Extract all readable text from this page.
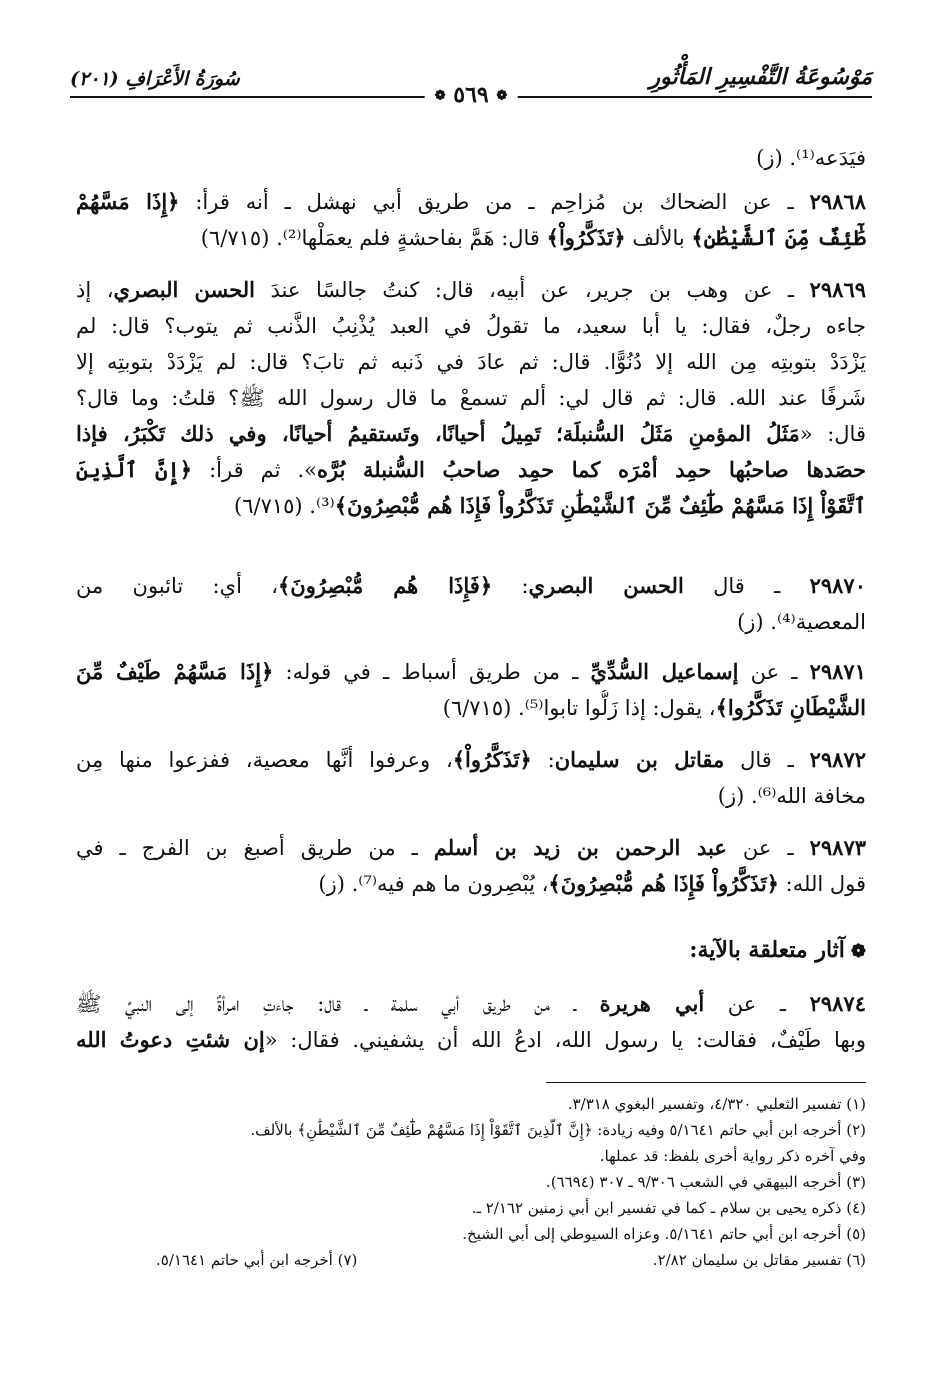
مَوْسُوعَةُ التَّفْسِيرِ المَأْثُورِ
سُورَةُ الأَعْرَافِ (٢٠١)
❁ ٥٦٩ ❁
فيَدَعه⁽¹⁾. (ز)
٢٩٨٦٨ ـ عن الضحاك بن مُزاحِم ـ من طريق أبي نهشل ـ أنه قرأ: ﴿إِذَا مَسَّهُمْ
طَٰٓئِفٌ مِّنَ ٱلشَّيْطَٰنِ﴾ بالألف ﴿تَذَكَّرُواْ﴾ قال: هَمَّ بفاحشةٍ فلم يعمَلْها⁽²⁾. (٦/٧١٥)
٢٩٨٦٩ ـ عن وهب بن جرير، عن أبيه، قال: كنتُ جالسًا عندَ الحسن البصري، إذ
جاءه رجلٌ، فقال: يا أبا سعيد، ما تقولُ في العبد يُذْنِبُ الذَّنب ثم يتوب؟ قال: لم
يَزْدَدْ بتوبتِه مِن الله إلا دُنُوًّا. قال: ثم عادَ في ذَنبه ثم تابَ؟ قال: لم يَزْدَدْ بتوبتِه إلا
شَرفًا عند الله. قال: ثم قال لي: ألم تسمعْ ما قال رسول الله ﷺ؟ قلتُ: وما قال؟
قال: «مَثَلُ المؤمنِ مَثَلُ السُّنبلَة؛ تَمِيلُ أحيانًا، وتَستقيمُ أحيانًا، وفي ذلك تَكْبَرُ، فإذا
حصَدها صاحبُها حمِد أمْرَه كما حمِد صاحبُ السُّنبلة بُرَّه». ثم قرأ: ﴿إِنَّ ٱلَّذِينَ
ٱتَّقَوْاْ إِذَا مَسَّهُمْ طَٰٓئِفٌ مِّنَ ٱلشَّيْطَٰنِ تَذَكَّرُواْ فَإِذَا هُم مُّبْصِرُونَ﴾⁽³⁾. (٦/٧١٥)
٢٩٨٧٠ ـ قال الحسن البصري: ﴿فَإِذَا هُم مُّبْصِرُونَ﴾، أي: تائبون من
المعصية⁽⁴⁾. (ز)
٢٩٨٧١ ـ عن إسماعيل السُّدِّيِّ ـ من طريق أسباط ـ في قوله: ﴿إِذَا مَسَّهُمْ طَيْفٌ مِّنَ
الشَّيْطَانِ تَذَكَّرُوا﴾، يقول: إذا زَلُّوا تابوا⁽⁵⁾. (٦/٧١٥)
٢٩٨٧٢ ـ قال مقاتل بن سليمان: ﴿تَذَكَّرُواْ﴾، وعرفوا أنَّها معصية، ففزعوا منها مِن
مخافة الله⁽⁶⁾. (ز)
٢٩٨٧٣ ـ عن عبد الرحمن بن زيد بن أسلم ـ من طريق أصبغ بن الفرج ـ في
قول الله: ﴿تَذَكَّرُواْ فَإِذَا هُم مُّبْصِرُونَ﴾، يُبْصِرون ما هم فيه⁽⁷⁾. (ز)
❁آثار متعلقة بالآية:
٢٩٨٧٤ ـ عن أبي هريرة ـ من طريق أبي سلمة ـ قال: جاءتِ امرأةٌ إلى النبيِّ ﷺ
وبها طَيْفٌ، فقالت: يا رسول الله، ادعُ الله أن يشفيني. فقال: «إن شئتِ دعوتُ الله
(١) تفسير الثعلبي ٤/٣٢٠، وتفسير البغوي ٣/٣١٨.
(٢) أخرجه ابن أبي حاتم ٥/١٦٤١ وفيه زيادة: ﴿إِنَّ ٱلَّذِينَ ٱتَّقَوْاْ إِذَا مَسَّهُمْ طَٰٓئِفٌ مِّنَ ٱلشَّيْطَٰنِ﴾ بالألف.
وفي آخره ذكر رواية أخرى بلفظ: قد عملها.
(٣) أخرجه البيهقي في الشعب ٩/٣٠٦ ـ ٣٠٧ (٦٦٩٤).
(٤) ذكره يحيى بن سلام ـ كما في تفسير ابن أبي زمنين ٢/١٦٢ ـ.
(٥) أخرجه ابن أبي حاتم ٥/١٦٤١. وعزاه السيوطي إلى أبي الشيخ.
(٦) تفسير مقاتل بن سليمان ٢/٨٢.
(٧) أخرجه ابن أبي حاتم ٥/١٦٤١.
